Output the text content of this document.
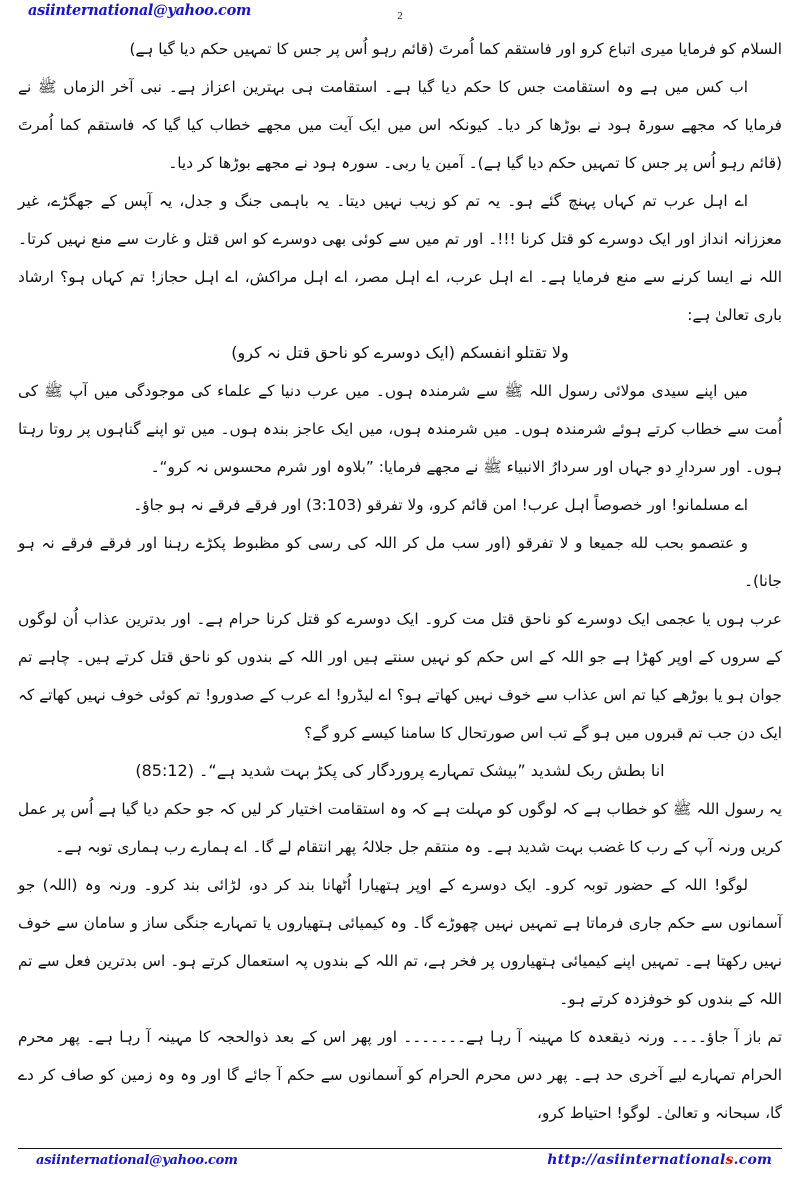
asiinternational@yahoo.com	2

السلام کو فرمایا میری اتباع کرو اور فاستقم کما اُمرتَ (قائم رہو اُس پر جس کا تمہیں حکم دیا گیا ہے)

اب کس میں ہے وہ استقامت جس کا حکم دیا گیا ہے۔ استقامت ہی بہترین اعزاز ہے۔ نبی آخر الزماں ﷺ نے فرمایا کہ مجھے سورۃ ہود نے بوڑھا کر دیا۔ کیونکہ اس میں ایک آیت میں مجھے خطاب کیا گیا کہ فاستقم کما اُمرتَ (قائم رہو اُس پر جس کا تمہیں حکم دیا گیا ہے)۔ آمین یا ربی۔ سورہ ہود نے مجھے بوڑھا کر دیا۔

اے اہل عرب تم کہاں پہنچ گئے ہو۔ یہ تم کو زیب نہیں دیتا۔ یہ باہمی جنگ و جدل، یہ آپس کے جھگڑے، غیر معززانہ انداز اور ایک دوسرے کو قتل کرنا !!!۔ اور تم میں سے کوئی بھی دوسرے کو اس قتل و غارت سے منع نہیں کرتا۔ اللہ نے ایسا کرنے سے منع فرمایا ہے۔ اے اہل عرب، اے اہل مصر، اے اہل مراکش، اے اہل حجاز! تم کہاں ہو؟ ارشاد باری تعالیٰ ہے:

ولا تقتلو انفسکم (ایک دوسرے کو ناحق قتل نہ کرو)

میں اپنے سیدی مولائی رسول اللہ ﷺ سے شرمندہ ہوں۔ میں عرب دنیا کے علماء کی موجودگی میں آپ ﷺ کی اُمت سے خطاب کرتے ہوئے شرمندہ ہوں۔ میں شرمندہ ہوں، میں ایک عاجز بندہ ہوں۔ میں تو اپنے گناہوں پر روتا رہتا ہوں۔ اور سردارِ دو جہاں اور سردارُ الانبیاء ﷺ نے مجھے فرمایا: ”بلاوہ اور شرم محسوس نہ کرو“۔

اے مسلمانو! اور خصوصاً اہل عرب! امن قائم کرو، ولا تفرقو (3:103) اور فرقے فرقے نہ ہو جاؤ۔

و عتصمو بحب لله جميعا و لا تفرقو (اور سب مل کر اللہ کی رسی کو مظبوط پکڑے رہنا اور فرقے فرقے نہ ہو جانا)۔

عرب ہوں یا عجمی ایک دوسرے کو ناحق قتل مت کرو۔ ایک دوسرے کو قتل کرنا حرام ہے۔ اور بدترین عذاب اُن لوگوں کے سروں کے اوپر کھڑا ہے جو اللہ کے اس حکم کو نہیں سنتے ہیں اور اللہ کے بندوں کو ناحق قتل کرتے ہیں۔ چاہے تم جوان ہو یا بوڑھے کیا تم اس عذاب سے خوف نہیں کھاتے ہو؟ اے لیڈرو! اے عرب کے صدورو! تم کوئی خوف نہیں کھاتے کہ ایک دن جب تم قبروں میں ہو گے تب اس صورتحال کا سامنا کیسے کرو گے؟

انا بطش ربک لشدید ”بیشک تمہارے پروردگار کی پکڑ بہت شدید ہے“۔ (85:12)

یہ رسول اللہ ﷺ کو خطاب ہے کہ لوگوں کو مہلت ہے کہ وہ استقامت اختیار کر لیں کہ جو حکم دیا گیا ہے اُس پر عمل کریں ورنہ آپ کے رب کا غضب بہت شدید ہے۔ وہ منتقم جل جلالہُ پھر انتقام لے گا۔ اے ہمارے رب ہماری توبہ ہے۔

لوگو! اللہ کے حضور توبہ کرو۔ ایک دوسرے کے اوپر ہتھیارا اُٹھانا بند کر دو، لڑائی بند کرو۔ ورنہ وہ (اللہ) جو آسمانوں سے حکم جاری فرماتا ہے تمہیں نہیں چھوڑے گا۔ وہ کیمیائی ہتھیاروں یا تمہارے جنگی ساز و سامان سے خوف نہیں رکھتا ہے۔ تمہیں اپنے کیمیائی ہتھیاروں پر فخر ہے، تم اللہ کے بندوں پہ استعمال کرتے ہو۔ اس بدترین فعل سے تم اللہ کے بندوں کو خوفزدہ کرتے ہو۔

تم باز آ جاؤ۔۔۔۔ ورنہ ذیقعدہ کا مہینہ آ رہا ہے۔۔۔۔۔۔۔ اور پھر اس کے بعد ذوالحجہ کا مہینہ آ رہا ہے۔ پھر محرم الحرام تمہارے لیے آخری حد ہے۔ پھر دس محرم الحرام کو آسمانوں سے حکم آ جائے گا اور وہ وہ زمین کو صاف کر دے گا، سبحانہ و تعالیٰ۔ لوگو! احتیاط کرو،

asiinternational@yahoo.com	http://asiinternationals.com
